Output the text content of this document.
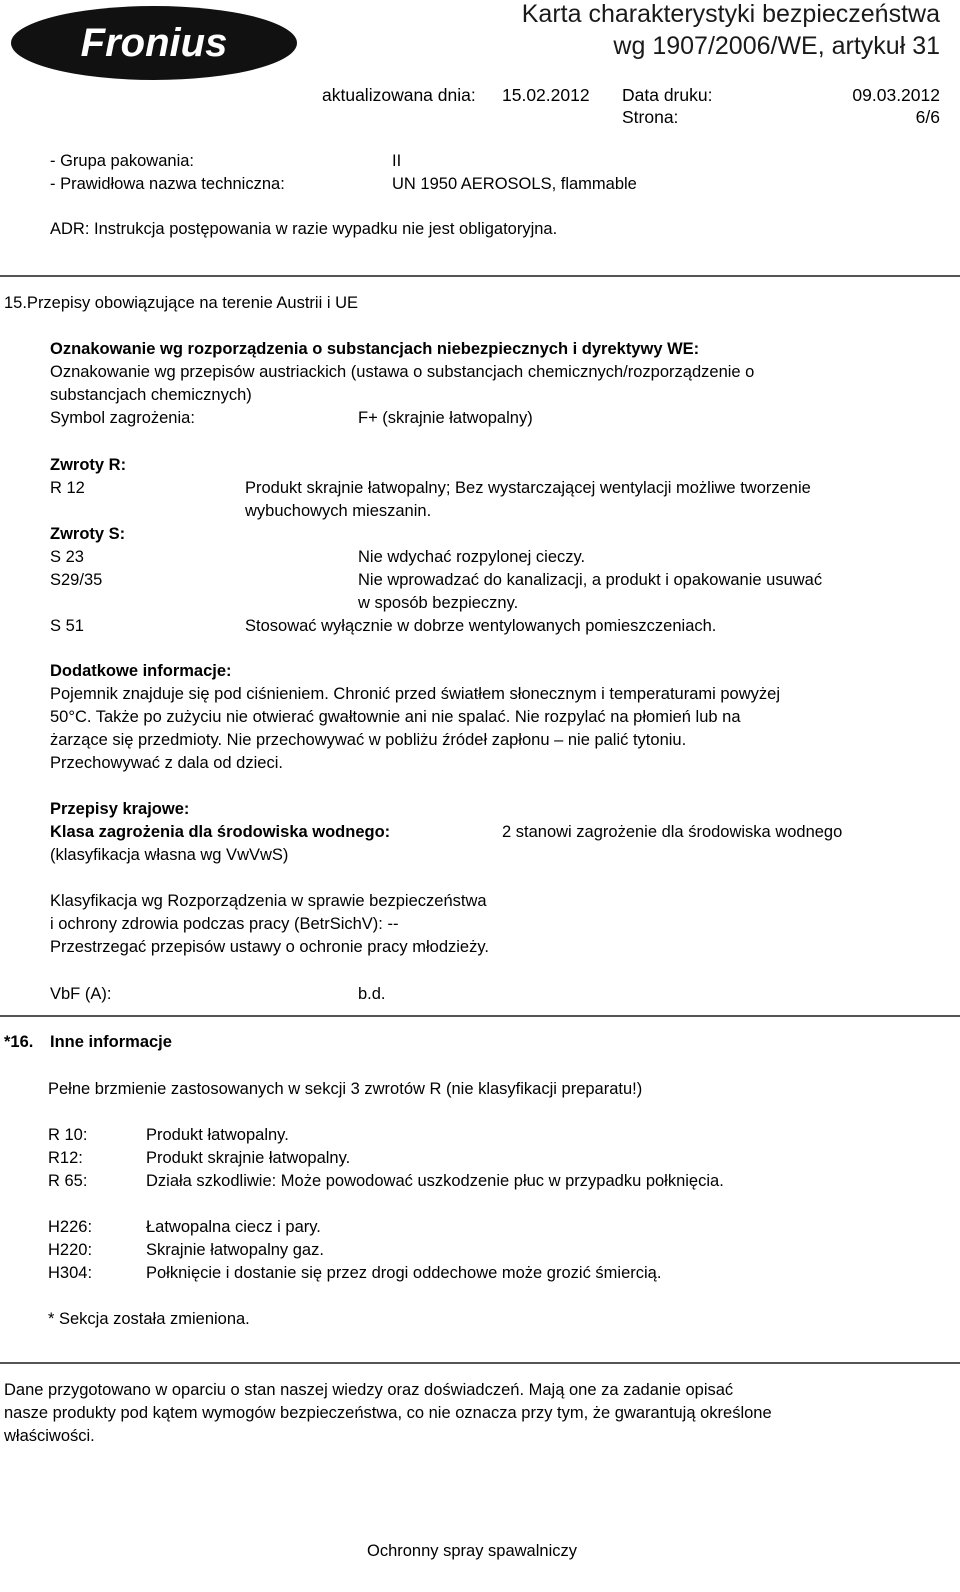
Fronius
Karta charakterystyki bezpieczeństwa
wg 1907/2006/WE, artykuł 31
aktualizowana dnia: 15.02.2012 Data druku:	09.03.2012
Strona:	6/6
- Grupa pakowania:	II
- Prawidłowa nazwa techniczna:	UN 1950 AEROSOLS, flammable
ADR: Instrukcja postępowania w razie wypadku nie jest obligatoryjna.
15.Przepisy obowiązujące na terenie Austrii i UE
Oznakowanie wg rozporządzenia o substancjach niebezpiecznych i dyrektywy WE:
Oznakowanie wg przepisów austriackich (ustawa o substancjach chemicznych/rozporządzenie o
substancjach chemicznych)
Symbol zagrożenia:	F+ (skrajnie łatwopalny)
Zwroty R:
R 12	Produkt skrajnie łatwopalny; Bez wystarczającej wentylacji możliwe tworzenie
wybuchowych mieszanin.
Zwroty S:
S 23	Nie wdychać rozpylonej cieczy.
S29/35	Nie wprowadzać do kanalizacji, a produkt i opakowanie usuwać
w sposób bezpieczny.
S 51	Stosować wyłącznie w dobrze wentylowanych pomieszczeniach.
Dodatkowe informacje:
Pojemnik znajduje się pod ciśnieniem. Chronić przed światłem słonecznym i temperaturami powyżej
50°C. Także po zużyciu nie otwierać gwałtownie ani nie spalać. Nie rozpylać na płomień lub na
żarzące się przedmioty. Nie przechowywać w pobliżu źródeł zapłonu – nie palić tytoniu.
Przechowywać z dala od dzieci.
Przepisy krajowe:
Klasa zagrożenia dla środowiska wodnego:	2 stanowi zagrożenie dla środowiska wodnego
(klasyfikacja własna wg VwVwS)
Klasyfikacja wg Rozporządzenia w sprawie bezpieczeństwa
i ochrony zdrowia podczas pracy (BetrSichV): --
Przestrzegać przepisów ustawy o ochronie pracy młodzieży.
VbF (A):	b.d.
*16. Inne informacje
Pełne brzmienie zastosowanych w sekcji 3 zwrotów R (nie klasyfikacji preparatu!)
R 10:	Produkt łatwopalny.
R12:	Produkt skrajnie łatwopalny.
R 65:	Działa szkodliwie: Może powodować uszkodzenie płuc w przypadku połknięcia.
H226:	Łatwopalna ciecz i pary.
H220:	Skrajnie łatwopalny gaz.
H304:	Połknięcie i dostanie się przez drogi oddechowe może grozić śmiercią.
* Sekcja została zmieniona.
Dane przygotowano w oparciu o stan naszej wiedzy oraz doświadczeń. Mają one za zadanie opisać
nasze produkty pod kątem wymogów bezpieczeństwa, co nie oznacza przy tym, że gwarantują określone
właściwości.
Ochronny spray spawalniczy
